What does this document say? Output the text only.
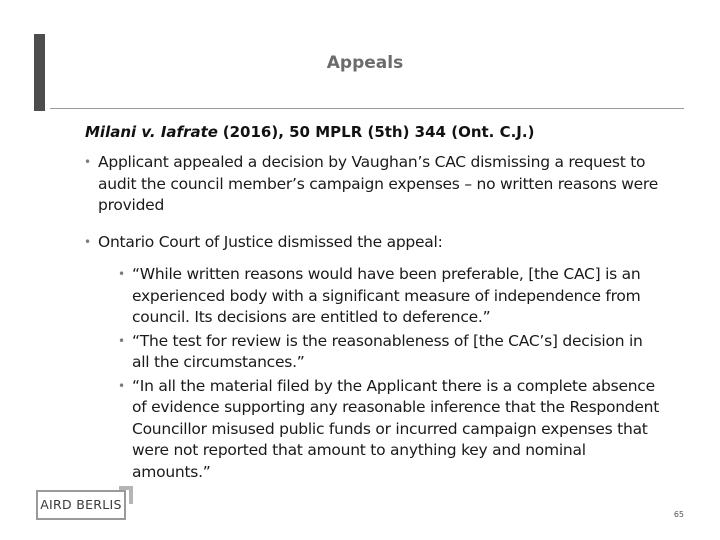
Appeals
Milani v. Iafrate (2016), 50 MPLR (5th) 344 (Ont. C.J.)
• Applicant appealed a decision by Vaughan’s CAC dismissing a request to audit the council member’s campaign expenses – no written reasons were provided
• Ontario Court of Justice dismissed the appeal:
• “While written reasons would have been preferable, [the CAC] is an experienced body with a significant measure of independence from council. Its decisions are entitled to deference.”
• “The test for review is the reasonableness of [the CAC’s] decision in all the circumstances.”
• “In all the material filed by the Applicant there is a complete absence of evidence supporting any reasonable inference that the Respondent Councillor misused public funds or incurred campaign expenses that were not reported that amount to anything key and nominal amounts.”
AIRD BERLIS
65
